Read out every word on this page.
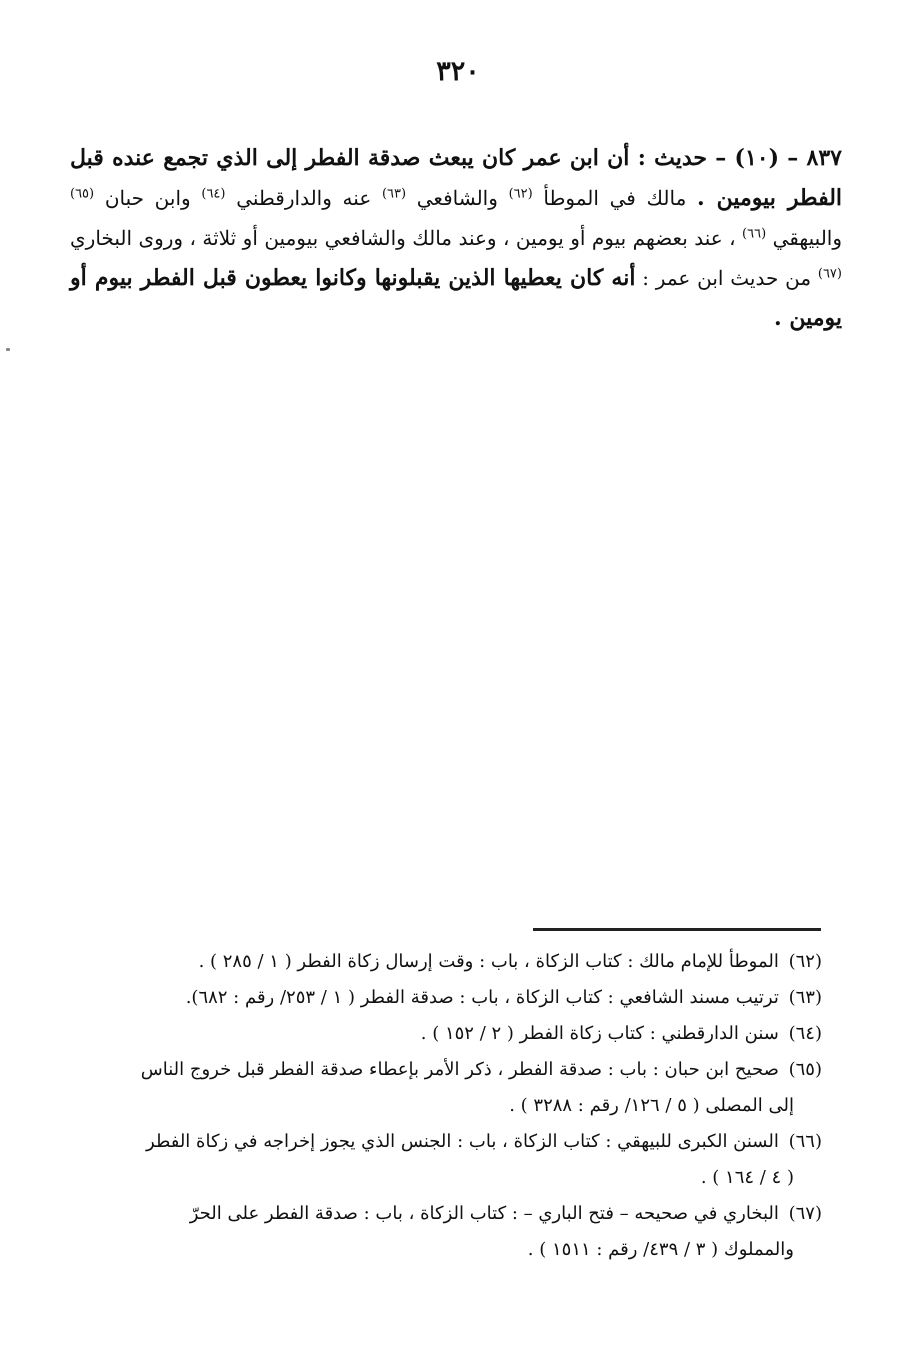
٣٢٠
٨٣٧ – (١٠) – حديث : أن ابن عمر كان يبعث صدقة الفطر إلى الذي تجمع عنده قبل الفطر بيومين . مالك في الموطأ $^{(٦٢)}$ والشافعي $^{(٦٣)}$ عنه والدارقطني $^{(٦٤)}$ وابن حبان $^{(٦٥)}$ والبيهقي $^{(٦٦)}$ ، عند بعضهم بيوم أو يومين ، وعند مالك والشافعي بيومين أو ثلاثة ، وروى البخاري $^{(٦٧)}$ من حديث ابن عمر : أنه كان يعطيها الذين يقبلونها وكانوا يعطون قبل الفطر بيوم أو يومين .

(٦٢) الموطأ للإمام مالك : كتاب الزكاة ، باب : وقت إرسال زكاة الفطر ( ١ / ٢٨٥ ) .

(٦٣) ترتيب مسند الشافعي : كتاب الزكاة ، باب : صدقة الفطر ( ١ / ٢٥٣/ رقم : ٦٨٢).

(٦٤) سنن الدارقطني : كتاب زكاة الفطر ( ٢ / ١٥٢ ) .

(٦٥) صحيح ابن حبان : باب : صدقة الفطر ، ذكر الأمر بإعطاء صدقة الفطر قبل خروج الناس
إلى المصلى ( ٥ / ١٢٦/ رقم : ٣٢٨٨ ) .

(٦٦) السنن الكبرى للبيهقي : كتاب الزكاة ، باب : الجنس الذي يجوز إخراجه في زكاة الفطر
( ٤ / ١٦٤ ) .

(٦٧) البخاري في صحيحه – فتح الباري – : كتاب الزكاة ، باب : صدقة الفطر على الحرّ
والمملوك ( ٣ / ٤٣٩/ رقم : ١٥١١ ) .
